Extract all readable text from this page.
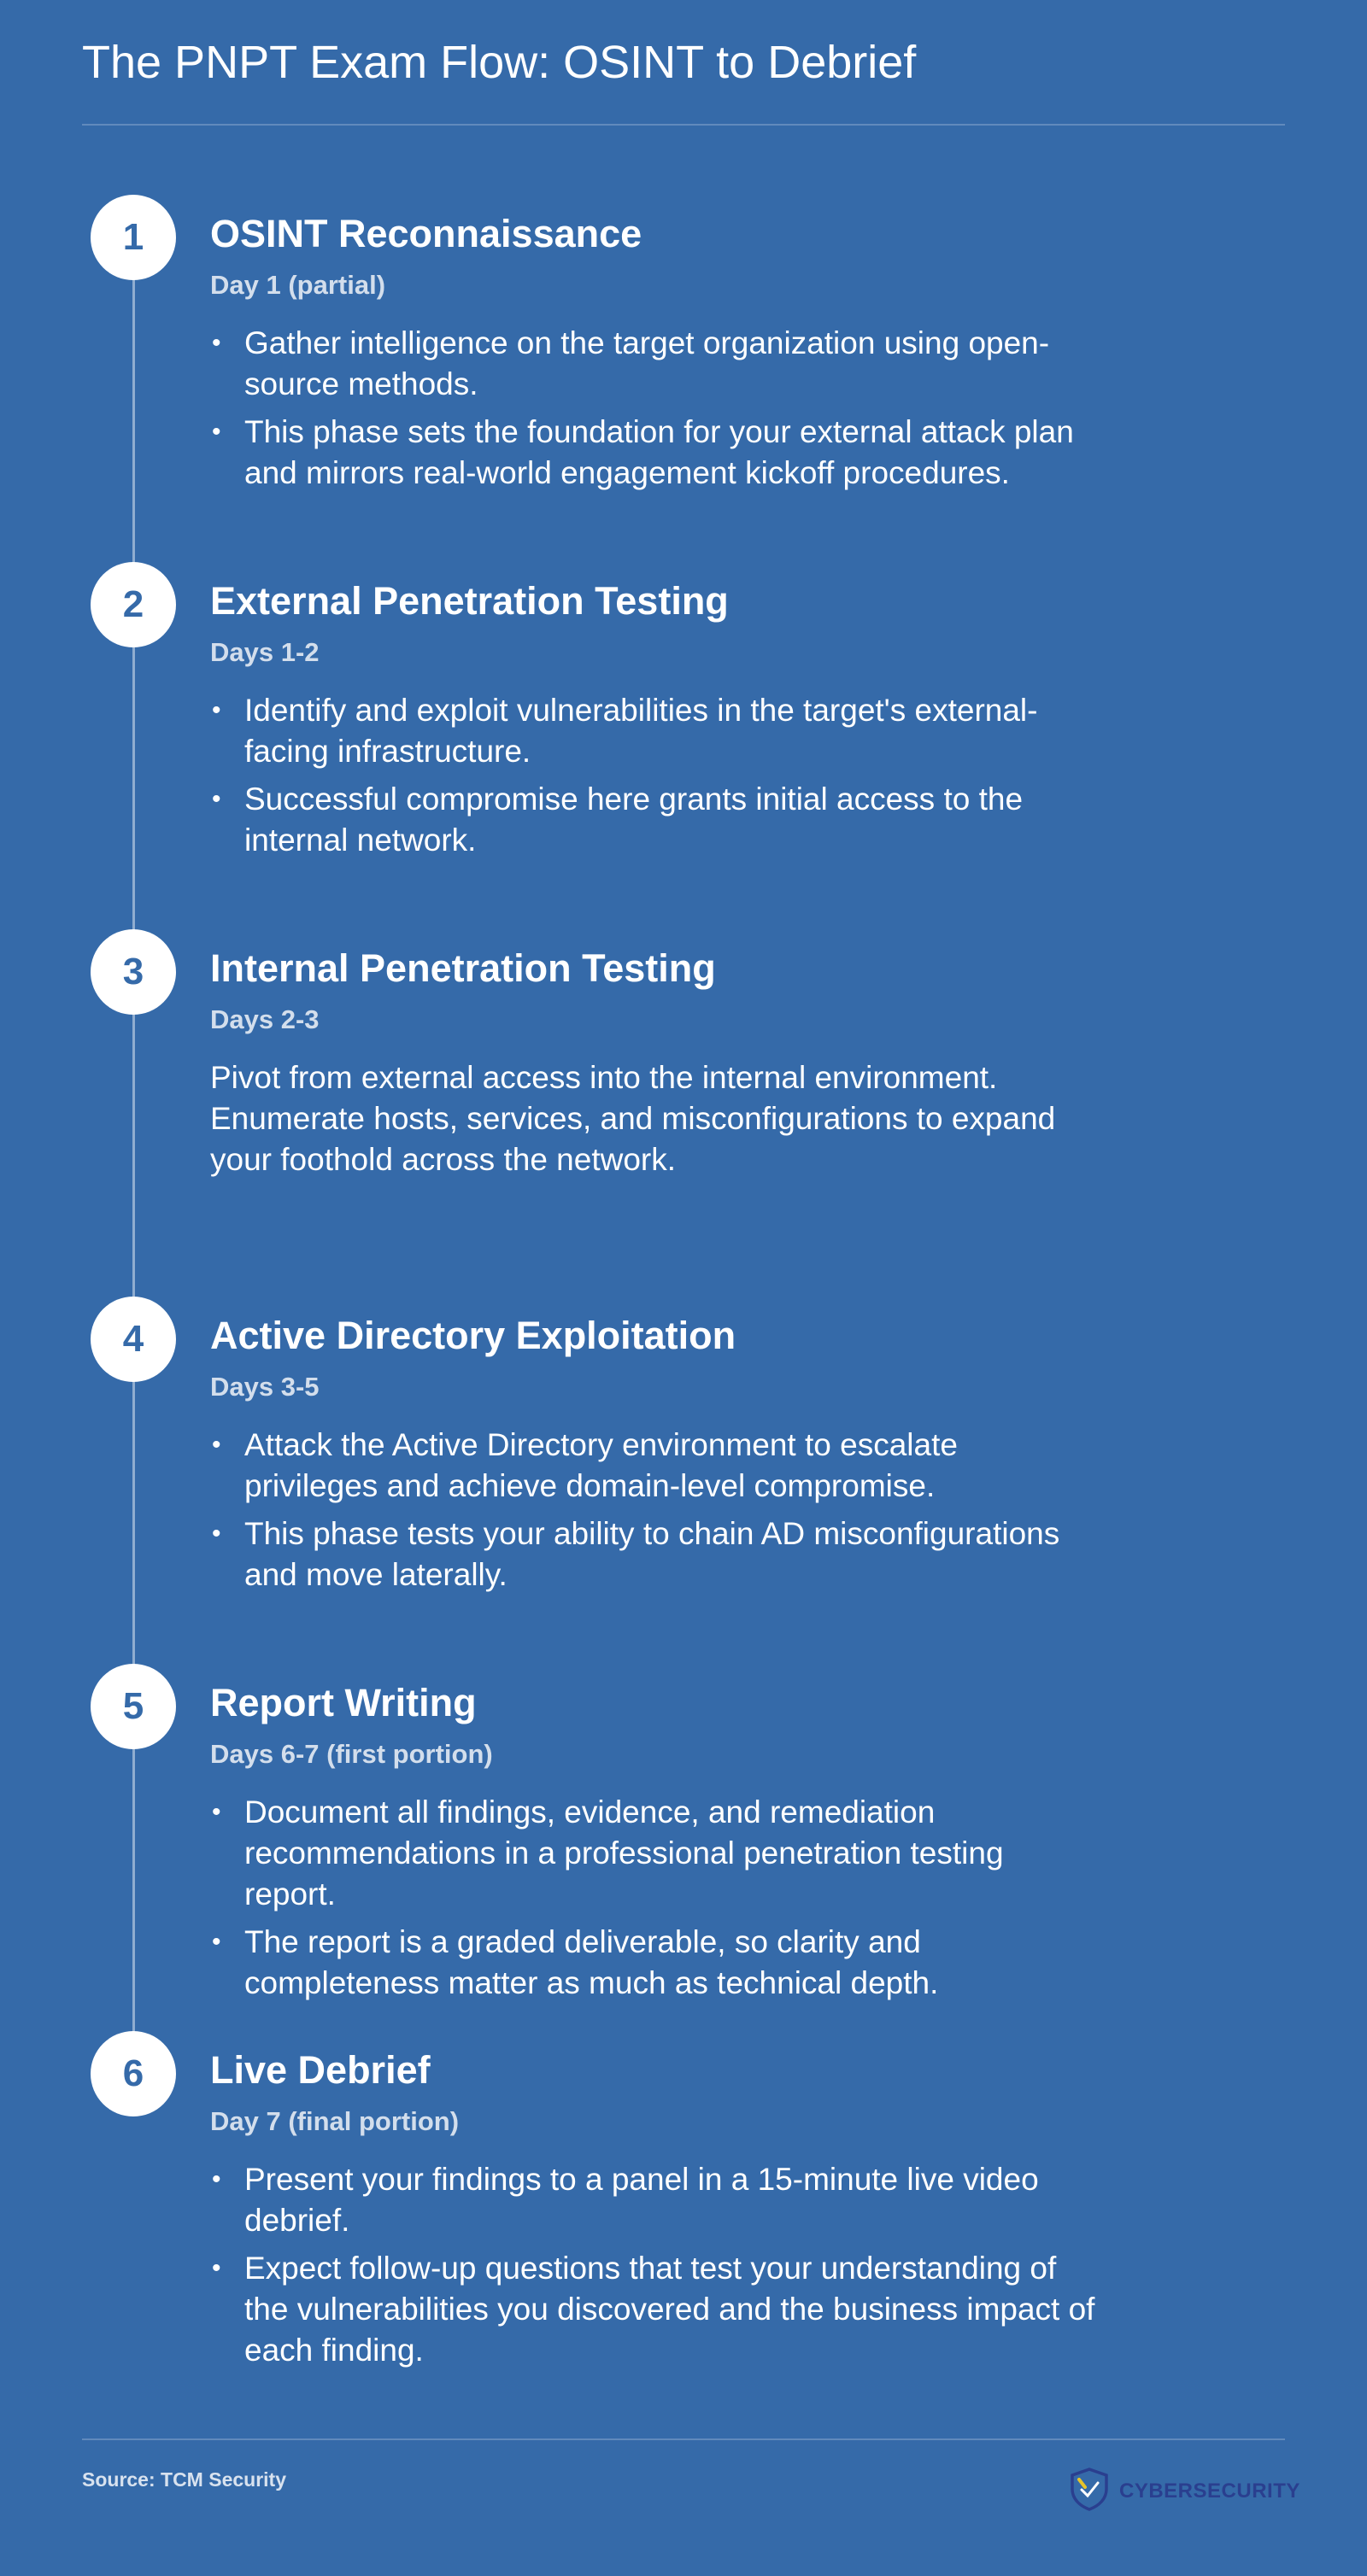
The PNPT Exam Flow: OSINT to Debrief
1	OSINT Reconnaissance
Day 1 (partial)
• Gather intelligence on the target organization using open-source methods.
• This phase sets the foundation for your external attack plan and mirrors real-world engagement kickoff procedures.
2	External Penetration Testing
Days 1-2
• Identify and exploit vulnerabilities in the target's external-facing infrastructure.
• Successful compromise here grants initial access to the internal network.
3	Internal Penetration Testing
Days 2-3

Pivot from external access into the internal environment. Enumerate hosts, services, and misconfigurations to expand your foothold across the network.

4	Active Directory Exploitation
Days 3-5
• Attack the Active Directory environment to escalate privileges and achieve domain-level compromise.
• This phase tests your ability to chain AD misconfigurations and move laterally.
5	Report Writing
Days 6-7 (first portion)
• Document all findings, evidence, and remediation recommendations in a professional penetration testing report.
• The report is a graded deliverable, so clarity and completeness matter as much as technical depth.
6	Live Debrief
Day 7 (final portion)
• Present your findings to a panel in a 15-minute live video debrief.
• Expect follow-up questions that test your understanding of the vulnerabilities you discovered and the business impact of each finding.
Source: TCM Security	CYBERSECURITY
